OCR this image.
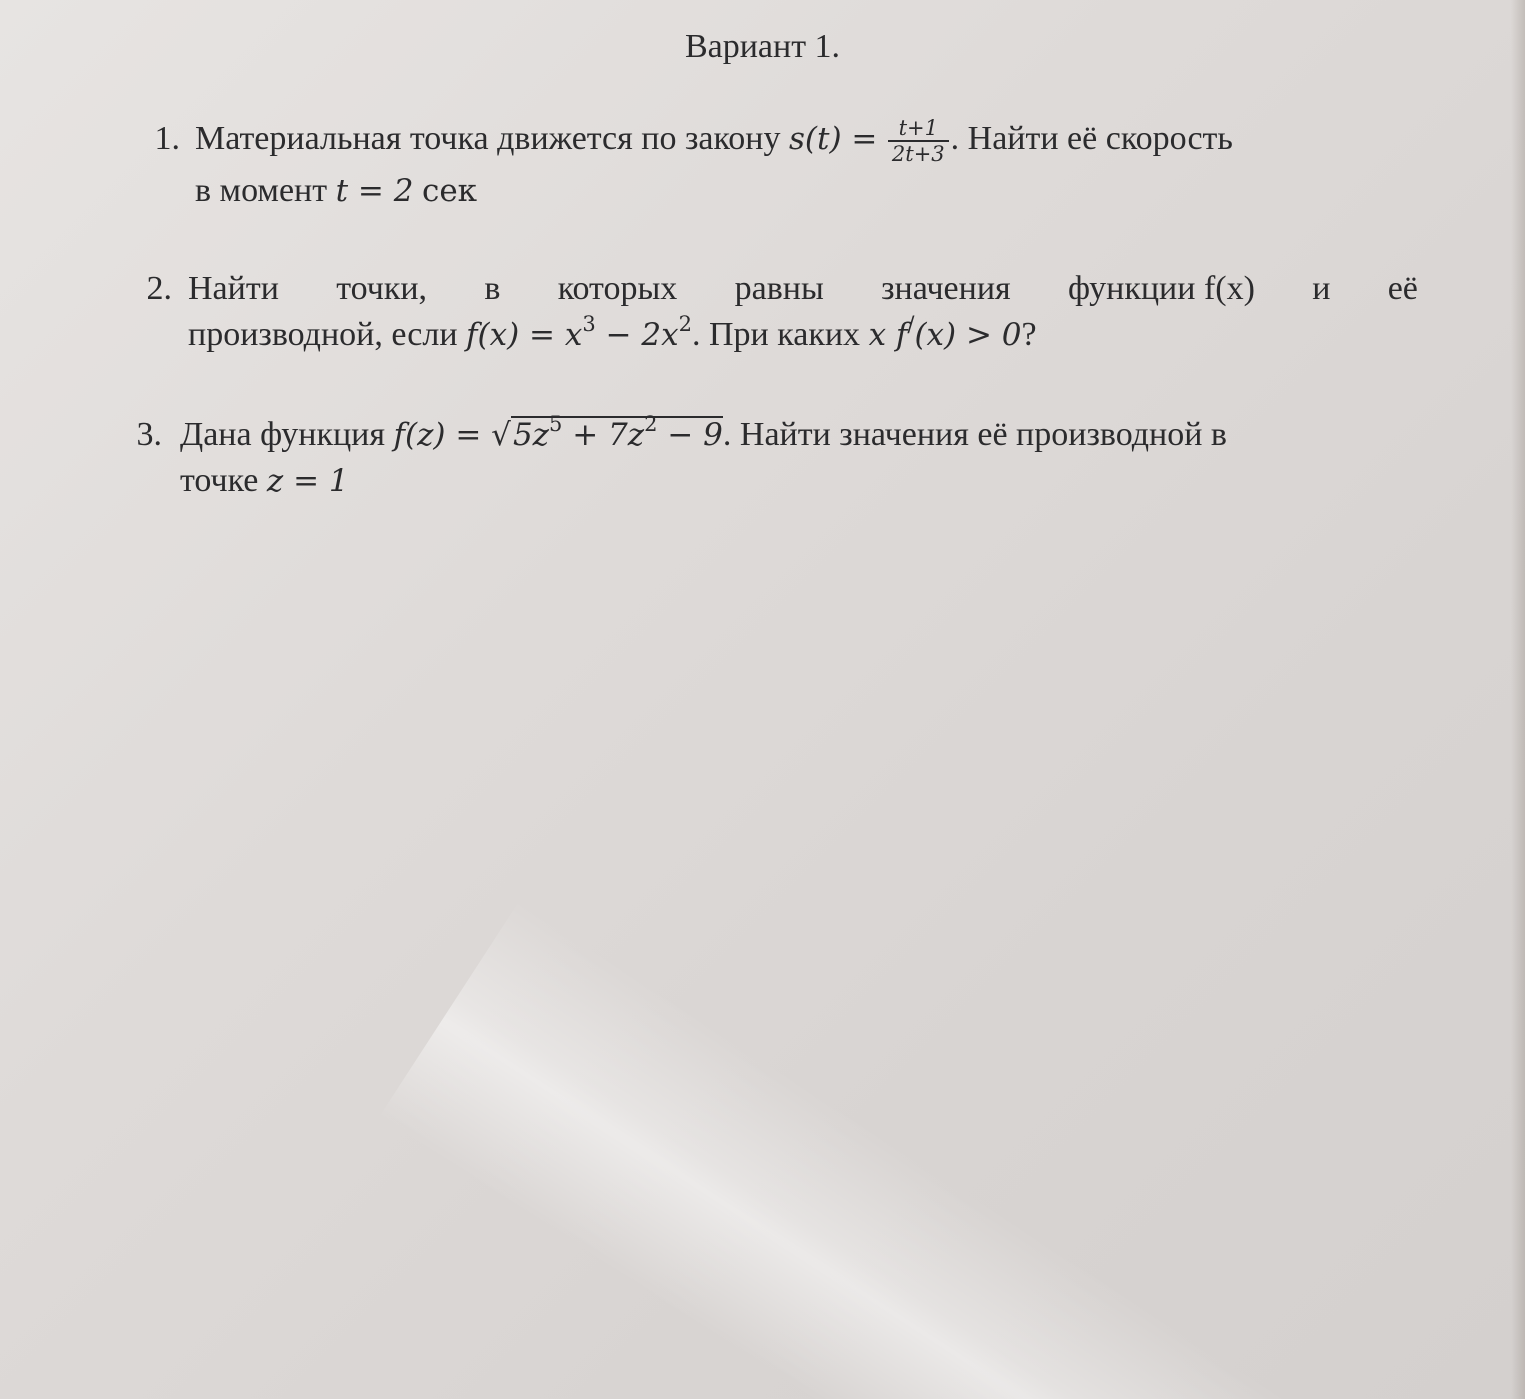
Вариант 1.
1. Материальная точка движется по закону $s(t) = \frac{t+1}{2t+3}$ . Найти её скорость
в момент t = 2 сек
2. Найти точки, в которых равны значения функции f(x) и её
производной, если $f(x) = x^3 - 2x^2$. При каких x f/(x) > 0?
3. Дана функция $f(z) = √5z^5 + 7z^2 - 9$. Найти значения её производной в
точке z = 1
